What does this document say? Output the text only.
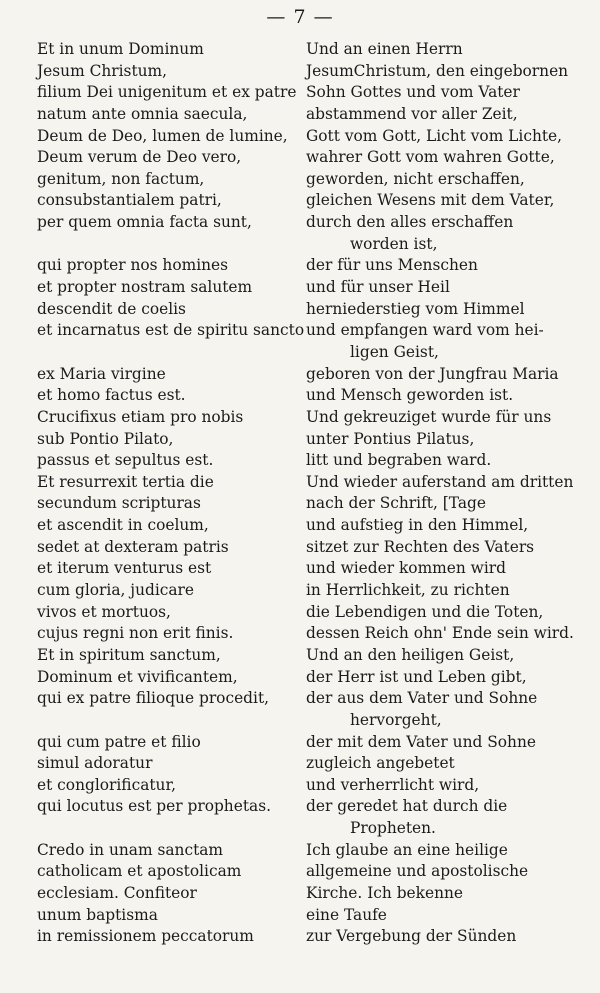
— 7 —
Et in unum Dominum
Jesum Christum,
filium Dei unigenitum et ex patre
natum ante omnia saecula,
Deum de Deo, lumen de lumine,
Deum verum de Deo vero,
genitum, non factum,
consubstantialem patri,
per quem omnia facta sunt,
qui propter nos homines
et propter nostram salutem
descendit de coelis
et incarnatus est de spiritu sancto
ex Maria virgine
et homo factus est.
Crucifixus etiam pro nobis
sub Pontio Pilato,
passus et sepultus est.
Et resurrexit tertia die
secundum scripturas
et ascendit in coelum,
sedet at dexteram patris
et iterum venturus est
cum gloria, judicare
vivos et mortuos,
cujus regni non erit finis.
Et in spiritum sanctum,
Dominum et vivificantem,
qui ex patre filioque procedit,
qui cum patre et filio
simul adoratur
et conglorificatur,
qui locutus est per prophetas.
Credo in unam sanctam
catholicam et apostolicam
ecclesiam. Confiteor
unum baptisma
in remissionem peccatorum
Und an einen Herrn
JesumChristum, den eingebornen
Sohn Gottes und vom Vater
abstammend vor aller Zeit,
Gott vom Gott, Licht vom Lichte,
wahrer Gott vom wahren Gotte,
geworden, nicht erschaffen,
gleichen Wesens mit dem Vater,
durch den alles erschaffen
worden ist,
der für uns Menschen
und für unser Heil
herniederstieg vom Himmel
und empfangen ward vom hei-
ligen Geist,
geboren von der Jungfrau Maria
und Mensch geworden ist.
Und gekreuziget wurde für uns
unter Pontius Pilatus,
litt und begraben ward.
Und wieder auferstand am dritten
nach der Schrift, [Tage
und aufstieg in den Himmel,
sitzet zur Rechten des Vaters
und wieder kommen wird
in Herrlichkeit, zu richten
die Lebendigen und die Toten,
dessen Reich ohn' Ende sein wird.
Und an den heiligen Geist,
der Herr ist und Leben gibt,
der aus dem Vater und Sohne
hervorgeht,
der mit dem Vater und Sohne
zugleich angebetet
und verherrlicht wird,
der geredet hat durch die
Propheten.
Ich glaube an eine heilige
allgemeine und apostolische
Kirche. Ich bekenne
eine Taufe
zur Vergebung der Sünden
